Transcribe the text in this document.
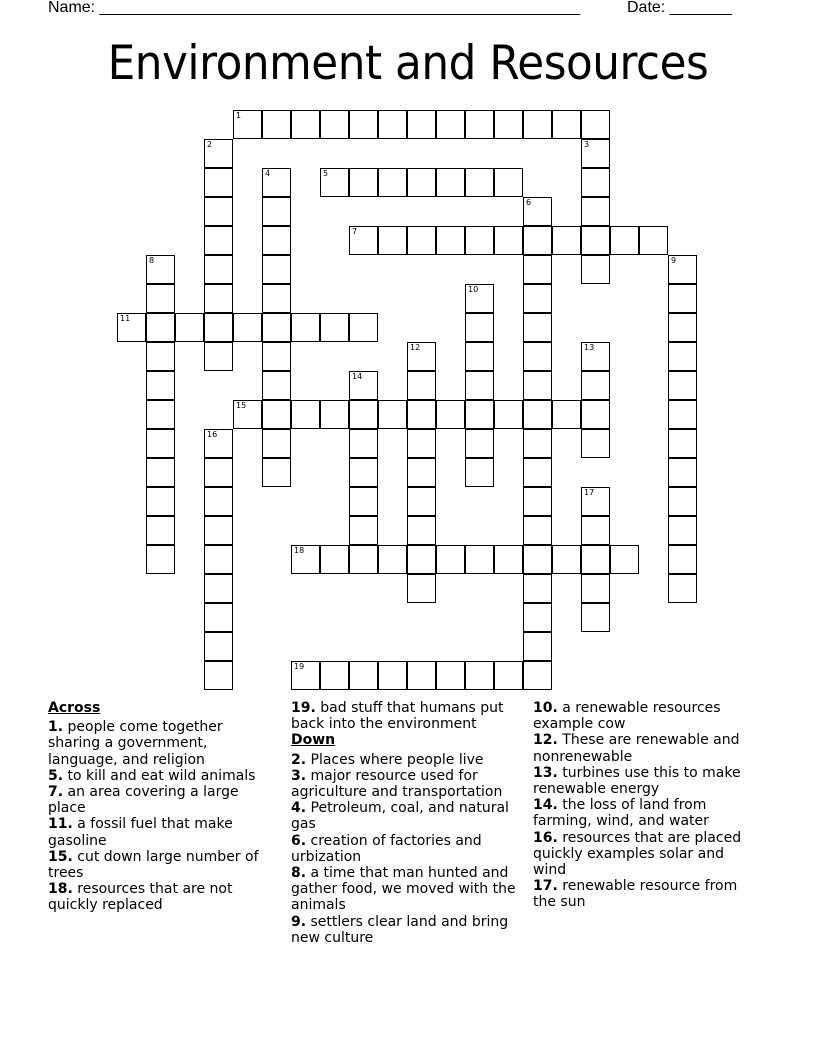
Name: ______________________________________________________	Date: _______
Environment and Resources
1
5
7
11
15
18
19
2	3
4
6
8	9
10
12	13
14
16
17
Across

1. people come together sharing a government, language, and religion

5. to kill and eat wild animals

7. an area covering a large place

11. a fossil fuel that make gasoline

15. cut down large number of trees

18. resources that are not quickly replaced

19. bad stuff that humans put back into the environment

Down

2. Places where people live

3. major resource used for agriculture and transportation

4. Petroleum, coal, and natural gas

6. creation of factories and urbization

8. a time that man hunted and gather food, we moved with the animals

9. settlers clear land and bring new culture

10. a renewable resources example cow

12. These are renewable and nonrenewable

13. turbines use this to make renewable energy

14. the loss of land from farming, wind, and water

16. resources that are placed quickly examples solar and wind

17. renewable resource from the sun
